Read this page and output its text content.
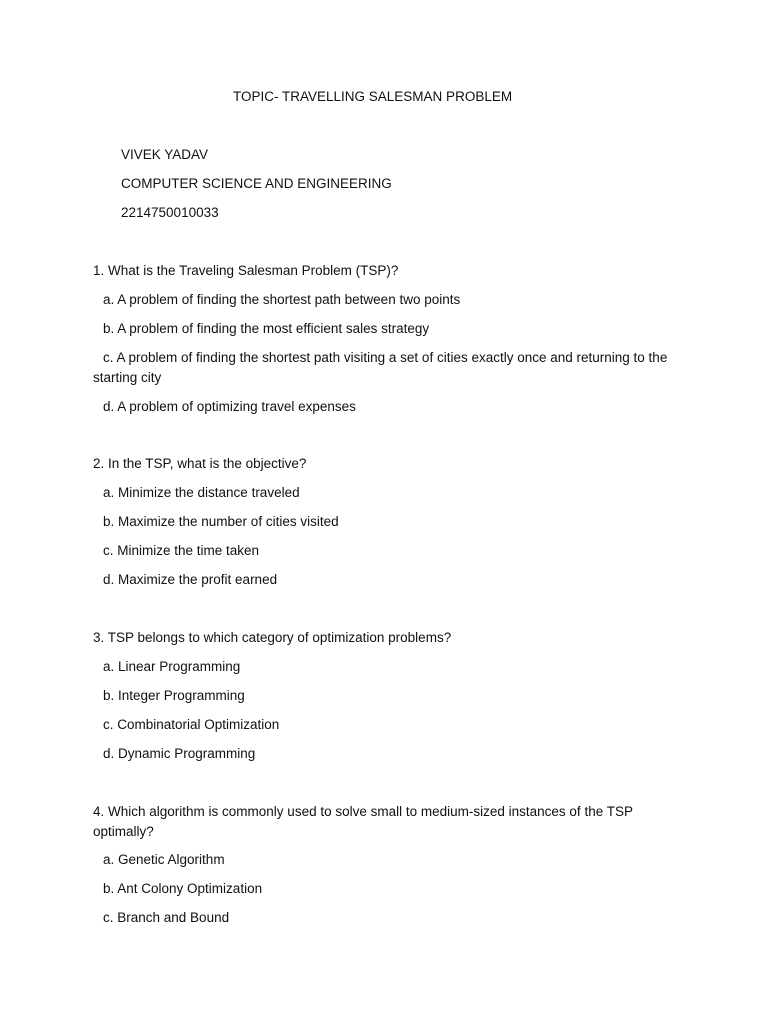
TOPIC- TRAVELLING SALESMAN PROBLEM
VIVEK YADAV
COMPUTER SCIENCE AND ENGINEERING
2214750010033
1. What is the Traveling Salesman Problem (TSP)?
a. A problem of finding the shortest path between two points
b. A problem of finding the most efficient sales strategy
c. A problem of finding the shortest path visiting a set of cities exactly once and returning to the starting city
d. A problem of optimizing travel expenses
2. In the TSP, what is the objective?
a. Minimize the distance traveled
b. Maximize the number of cities visited
c. Minimize the time taken
d. Maximize the profit earned
3. TSP belongs to which category of optimization problems?
a. Linear Programming
b. Integer Programming
c. Combinatorial Optimization
d. Dynamic Programming
4. Which algorithm is commonly used to solve small to medium-sized instances of the TSP optimally?
a. Genetic Algorithm
b. Ant Colony Optimization
c. Branch and Bound
